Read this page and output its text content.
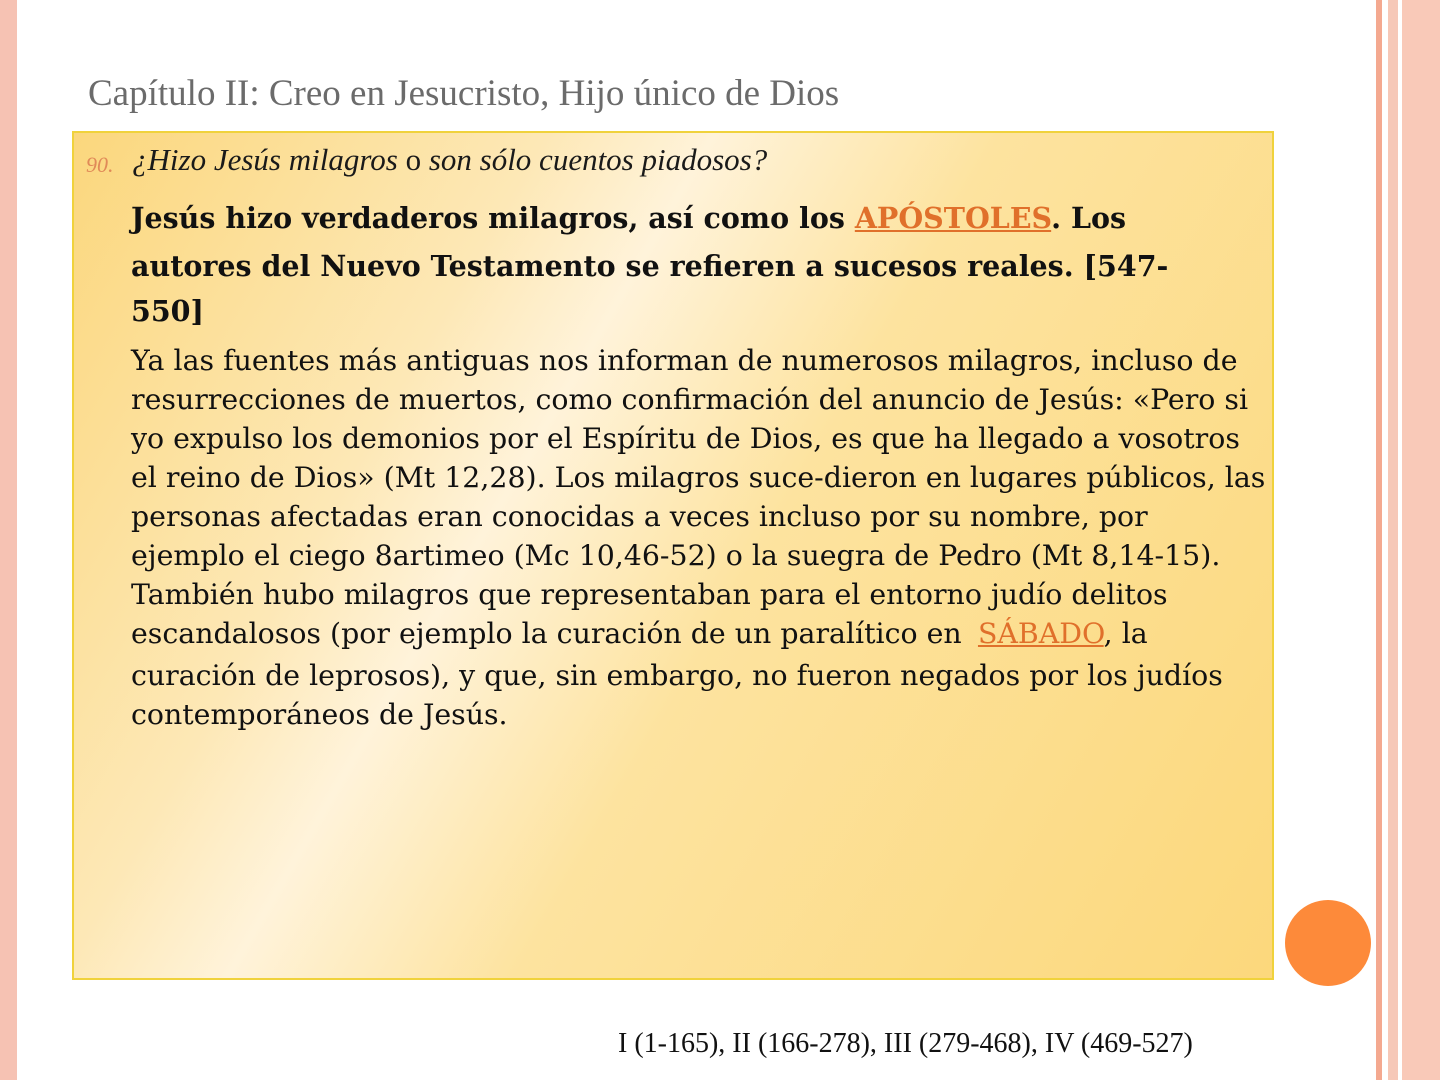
Capítulo II: Creo en Jesucristo, Hijo único de Dios
90. ¿Hizo Jesús milagros o son sólo cuentos piadosos?
Jesús hizo verdaderos milagros, así como los APÓSTOLES. Los autores del Nuevo Testamento se refieren a sucesos reales. [547-550]
Ya las fuentes más antiguas nos informan de numerosos milagros, incluso de resurrecciones de muertos, como confirmación del anuncio de Jesús: «Pero si yo expulso los demonios por el Espíritu de Dios, es que ha llegado a vosotros el reino de Dios» (Mt 12,28). Los milagros suce-dieron en lugares públicos, las personas afectadas eran conocidas a veces incluso por su nombre, por ejemplo el ciego 8artimeo (Mc 10,46-52) o la suegra de Pedro (Mt 8,14-15). También hubo milagros que representaban para el entorno judío delitos escandalosos (por ejemplo la curación de un paralítico en  SÁBADO, la curación de leprosos), y que, sin embargo, no fueron negados por los judíos contemporáneos de Jesús.
I (1-165), II (166-278), III (279-468), IV (469-527)
